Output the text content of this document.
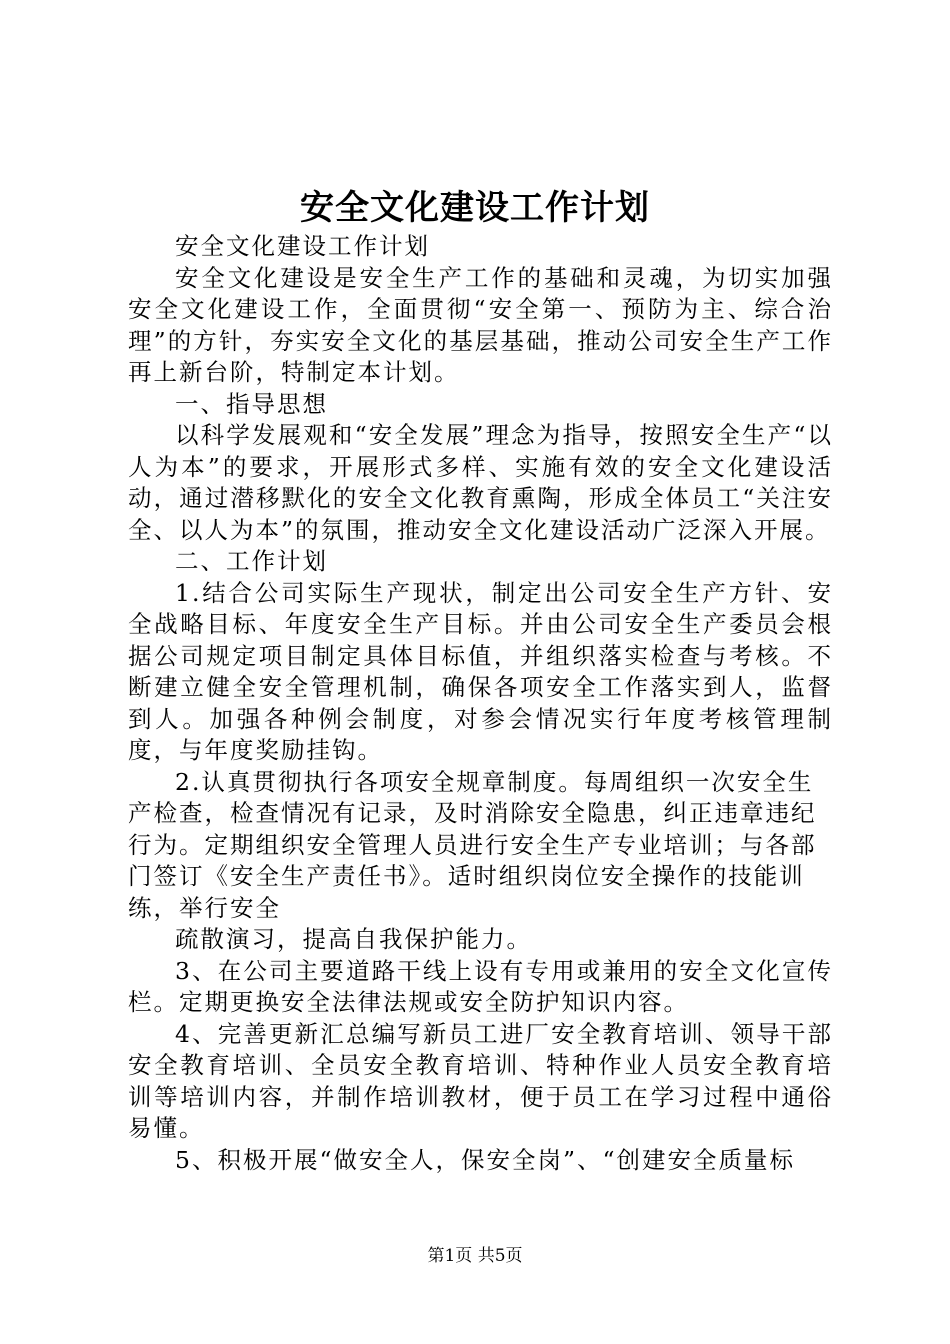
安全文化建设工作计划

安全文化建设工作计划

安全文化建设是安全生产工作的基础和灵魂，为切实加强安全文化建设工作，全面贯彻“安全第一、预防为主、综合治理”的方针，夯实安全文化的基层基础，推动公司安全生产工作再上新台阶，特制定本计划。

一、指导思想

以科学发展观和“安全发展”理念为指导，按照安全生产“以人为本”的要求，开展形式多样、实施有效的安全文化建设活动，通过潜移默化的安全文化教育熏陶，形成全体员工“关注安全、以人为本”的氛围，推动安全文化建设活动广泛深入开展。

二、工作计划

1.结合公司实际生产现状，制定出公司安全生产方针、安全战略目标、年度安全生产目标。并由公司安全生产委员会根据公司规定项目制定具体目标值，并组织落实检查与考核。不断建立健全安全管理机制，确保各项安全工作落实到人，监督到人。加强各种例会制度，对参会情况实行年度考核管理制度，与年度奖励挂钩。

2.认真贯彻执行各项安全规章制度。每周组织一次安全生产检查，检查情况有记录，及时消除安全隐患，纠正违章违纪行为。定期组织安全管理人员进行安全生产专业培训；与各部门签订《安全生产责任书》。适时组织岗位安全操作的技能训练，举行安全

疏散演习，提高自我保护能力。

3、在公司主要道路干线上设有专用或兼用的安全文化宣传栏。定期更换安全法律法规或安全防护知识内容。

4、完善更新汇总编写新员工进厂安全教育培训、领导干部安全教育培训、全员安全教育培训、特种作业人员安全教育培训等培训内容，并制作培训教材，便于员工在学习过程中通俗易懂。

5、积极开展“做安全人，保安全岗”、“创建安全质量标

第1页 共5页
